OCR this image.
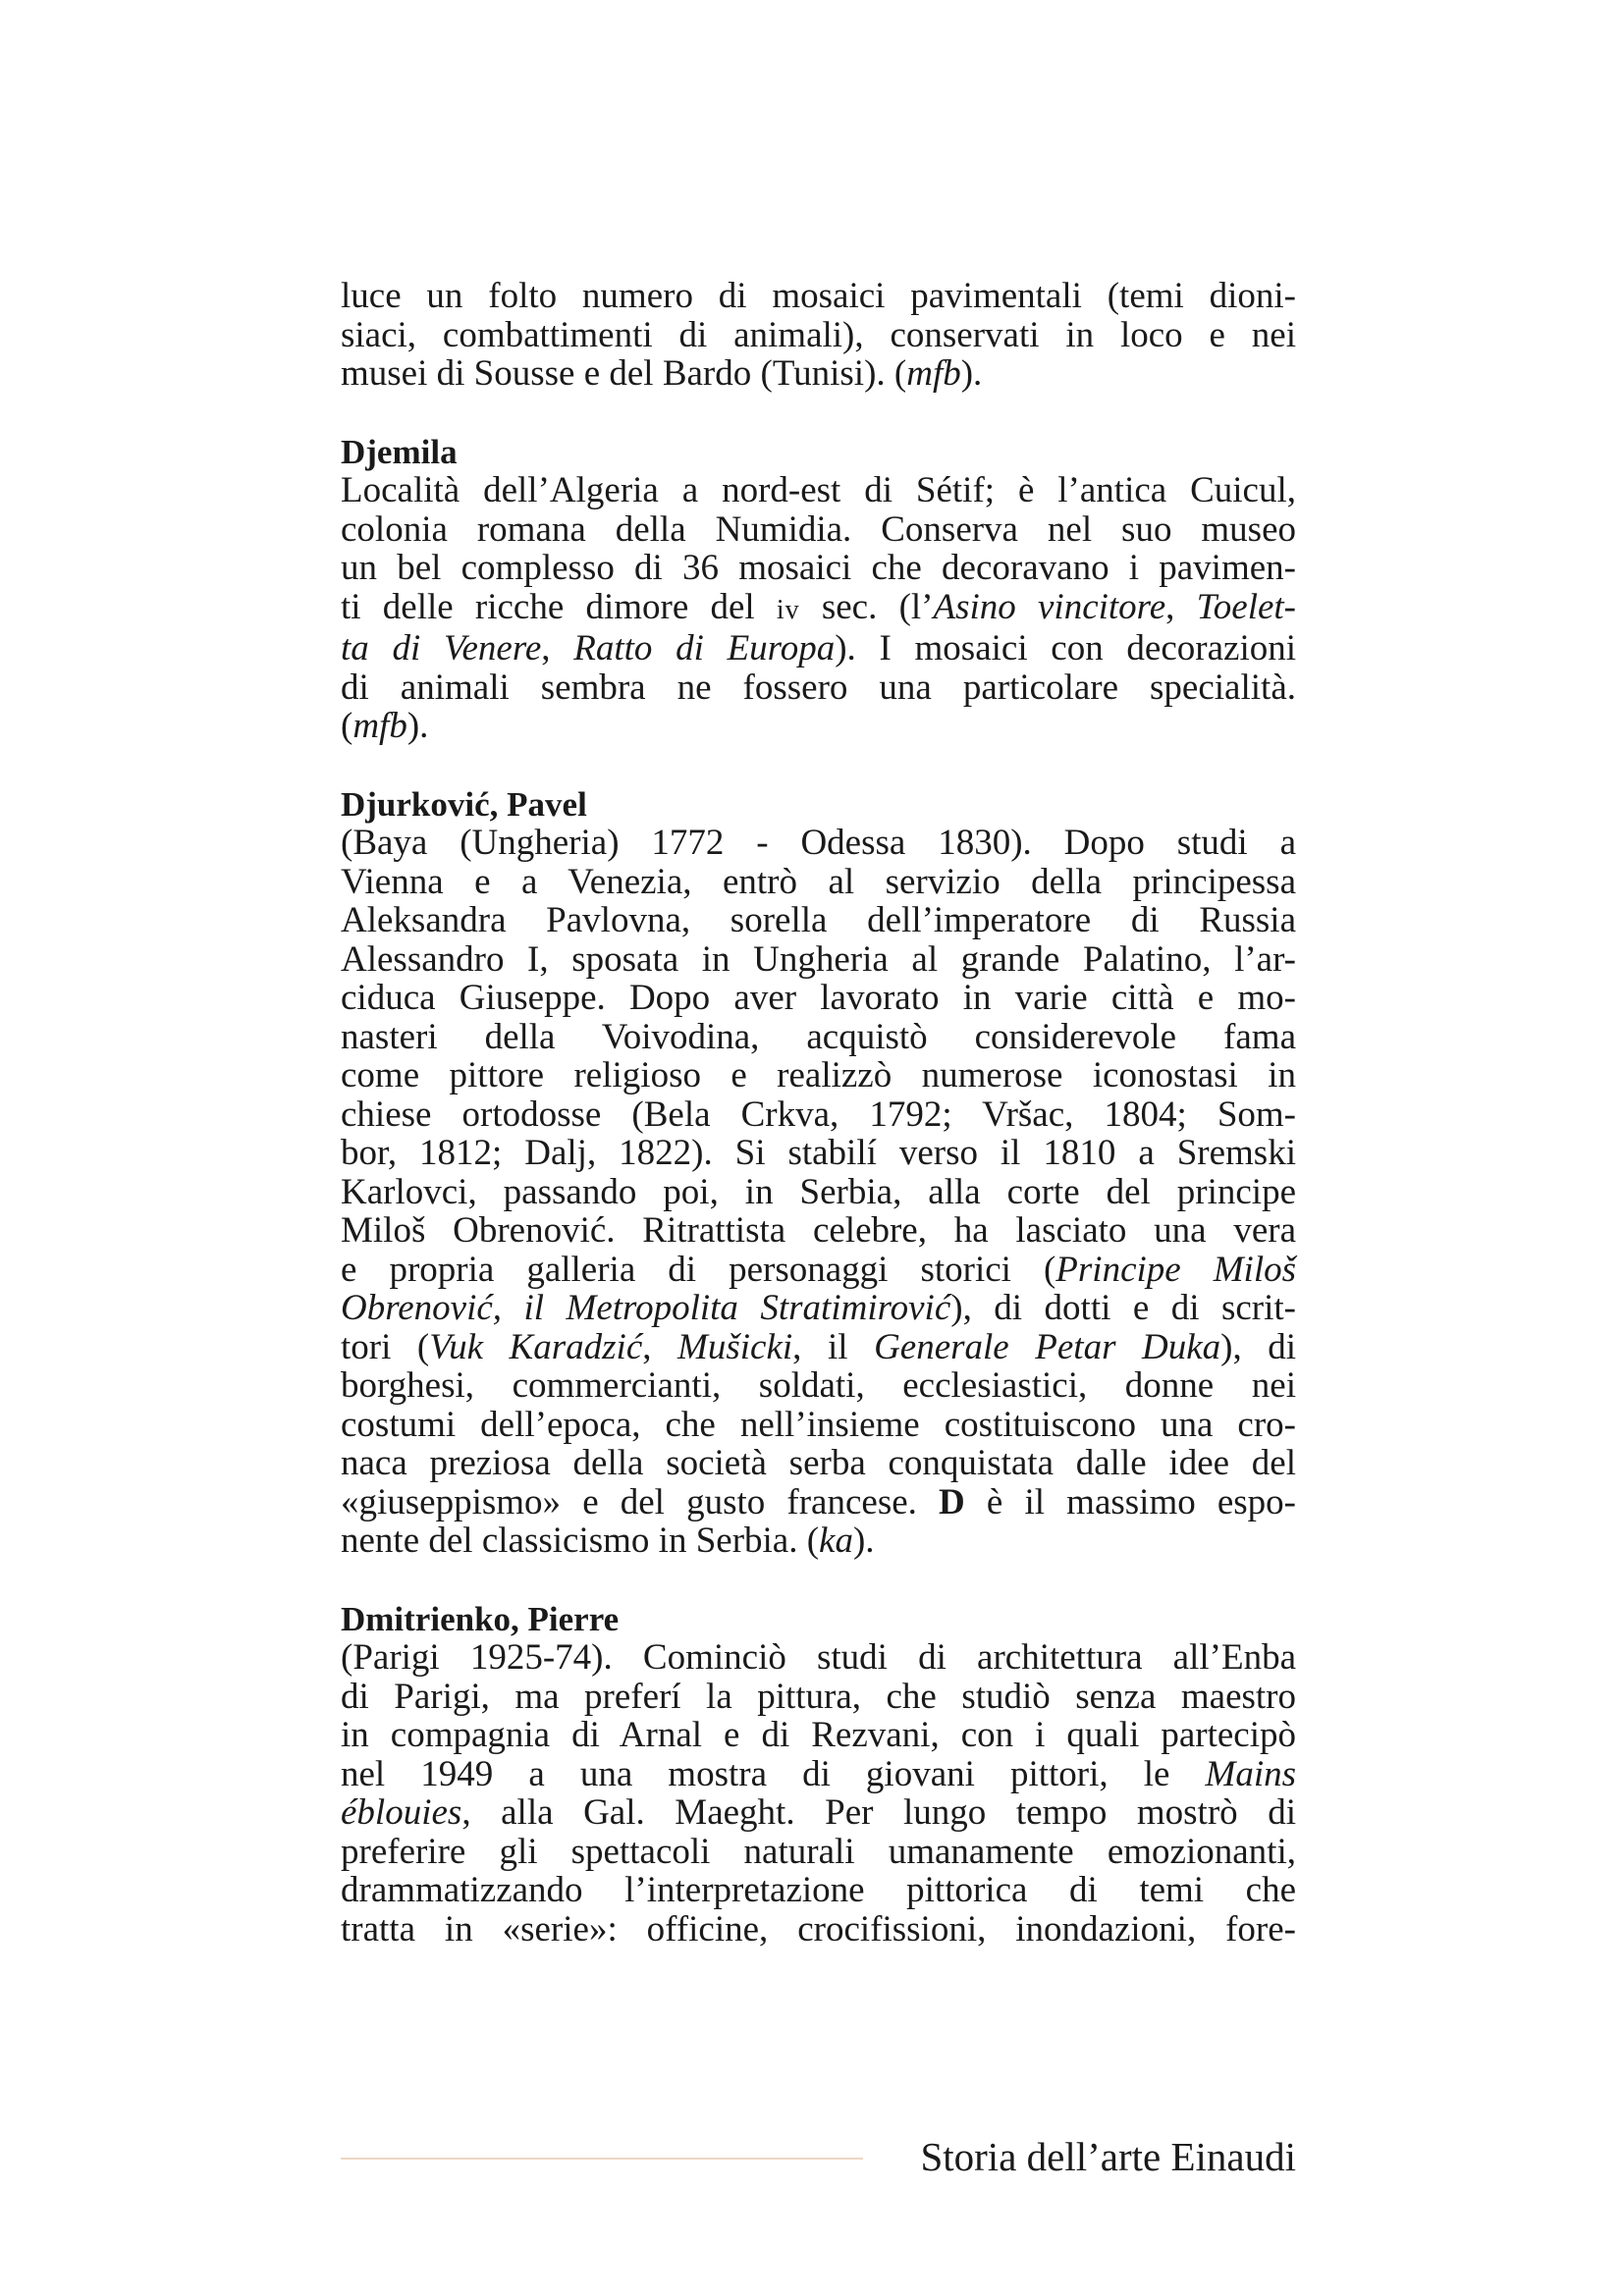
luce un folto numero di mosaici pavimentali (temi dioni-
siaci, combattimenti di animali), conservati in loco e nei
musei di Sousse e del Bardo (Tunisi). (mfb).
Djemila
Località dell’Algeria a nord-est di Sétif; è l’antica Cuicul,
colonia romana della Numidia. Conserva nel suo museo
un bel complesso di 36 mosaici che decoravano i pavimen-
ti delle ricche dimore del iv sec. (l’Asino vincitore, Toelet-
ta di Venere, Ratto di Europa). I mosaici con decorazioni
di animali sembra ne fossero una particolare specialità.
(mfb).
Djurković, Pavel
(Baya (Ungheria) 1772 - Odessa 1830). Dopo studi a
Vienna e a Venezia, entrò al servizio della principessa
Aleksandra Pavlovna, sorella dell’imperatore di Russia
Alessandro I, sposata in Ungheria al grande Palatino, l’ar-
ciduca Giuseppe. Dopo aver lavorato in varie città e mo-
nasteri della Voivodina, acquistò considerevole fama
come pittore religioso e realizzò numerose iconostasi in
chiese ortodosse (Bela Crkva, 1792; Vršac, 1804; Som-
bor, 1812; Dalj, 1822). Si stabilí verso il 1810 a Sremski
Karlovci, passando poi, in Serbia, alla corte del principe
Miloš Obrenović. Ritrattista celebre, ha lasciato una vera
e propria galleria di personaggi storici (Principe Miloš
Obrenović, il Metropolita Stratimirović), di dotti e di scrit-
tori (Vuk Karadzić, Mušicki, il Generale Petar Duka), di
borghesi, commercianti, soldati, ecclesiastici, donne nei
costumi dell’epoca, che nell’insieme costituiscono una cro-
naca preziosa della società serba conquistata dalle idee del
«giuseppismo» e del gusto francese. D è il massimo espo-
nente del classicismo in Serbia. (ka).
Dmitrienko, Pierre
(Parigi 1925-74). Cominciò studi di architettura all’Enba
di Parigi, ma preferí la pittura, che studiò senza maestro
in compagnia di Arnal e di Rezvani, con i quali partecipò
nel 1949 a una mostra di giovani pittori, le Mains
éblouies, alla Gal. Maeght. Per lungo tempo mostrò di
preferire gli spettacoli naturali umanamente emozionanti,
drammatizzando l’interpretazione pittorica di temi che
tratta in «serie»: officine, crocifissioni, inondazioni, fore-
Storia dell’arte Einaudi
